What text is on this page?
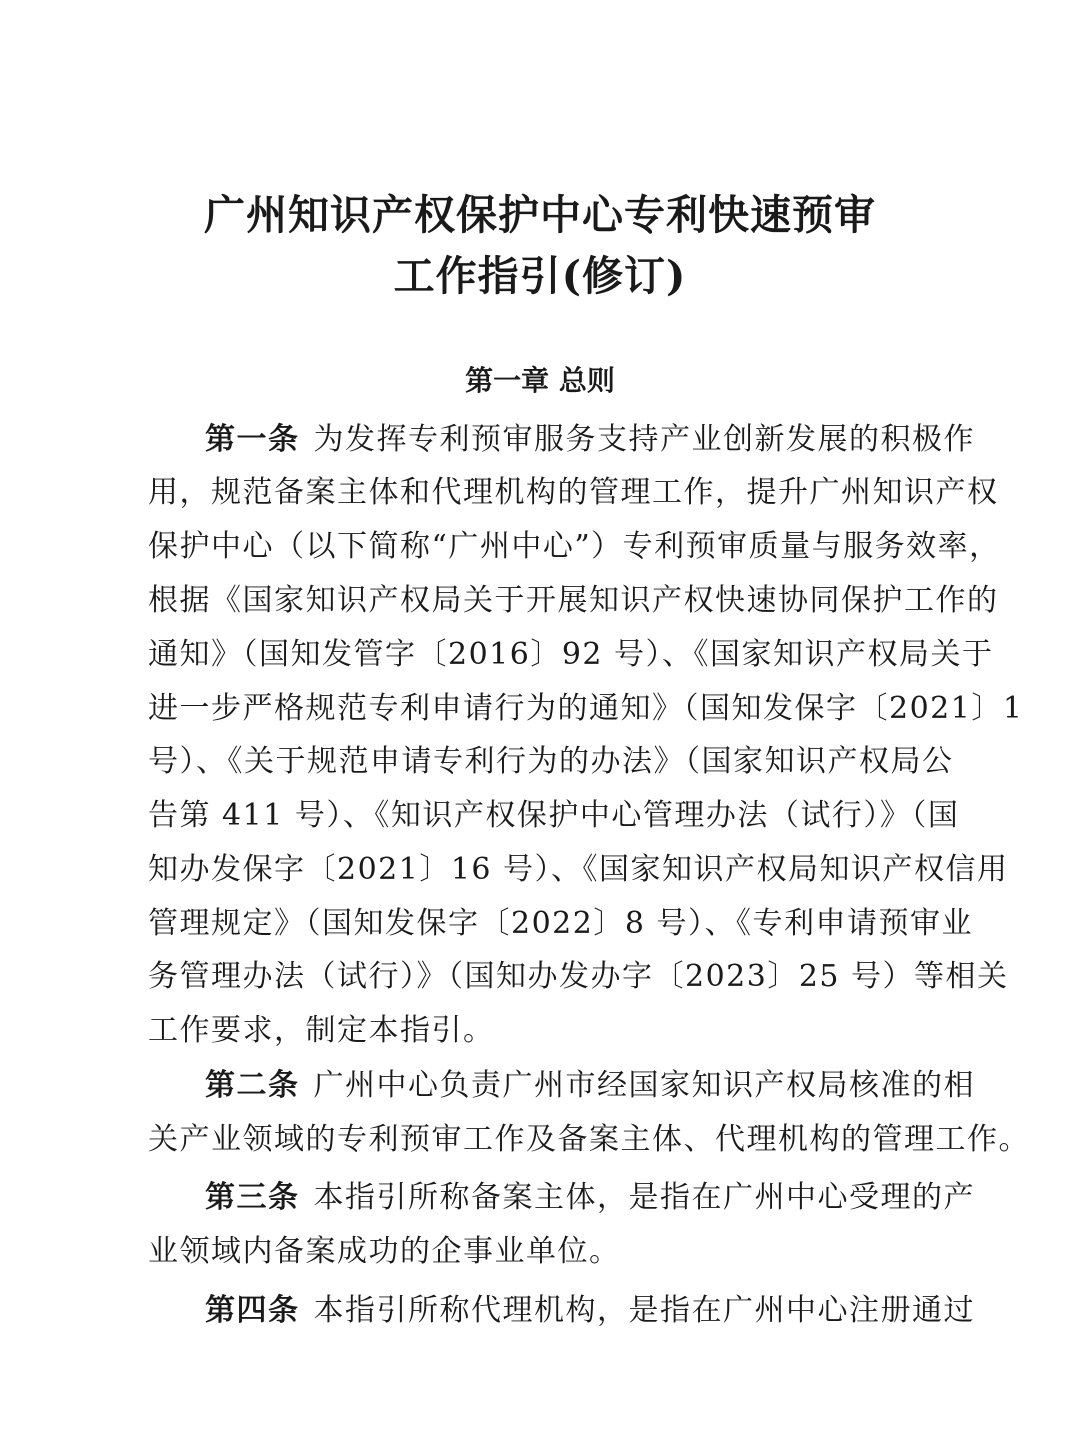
广州知识产权保护中心专利快速预审
工作指引(修订)
第一章 总则

第一条 为发挥专利预审服务支持产业创新发展的积极作

用，规范备案主体和代理机构的管理工作，提升广州知识产权

保护中心（以下简称“广州中心”）专利预审质量与服务效率，

根据《国家知识产权局关于开展知识产权快速协同保护工作的

通知》（国知发管字〔2016〕92 号）、《国家知识产权局关于

进一步严格规范专利申请行为的通知》（国知发保字〔2021〕1

号）、《关于规范申请专利行为的办法》（国家知识产权局公

告第 411 号）、《知识产权保护中心管理办法（试行）》（国

知办发保字〔2021〕16 号）、《国家知识产权局知识产权信用

管理规定》（国知发保字〔2022〕8 号）、《专利申请预审业

务管理办法（试行）》（国知办发办字〔2023〕25 号）等相关

工作要求，制定本指引。

第二条 广州中心负责广州市经国家知识产权局核准的相

关产业领域的专利预审工作及备案主体、代理机构的管理工作。

第三条 本指引所称备案主体，是指在广州中心受理的产

业领域内备案成功的企事业单位。

第四条 本指引所称代理机构，是指在广州中心注册通过
